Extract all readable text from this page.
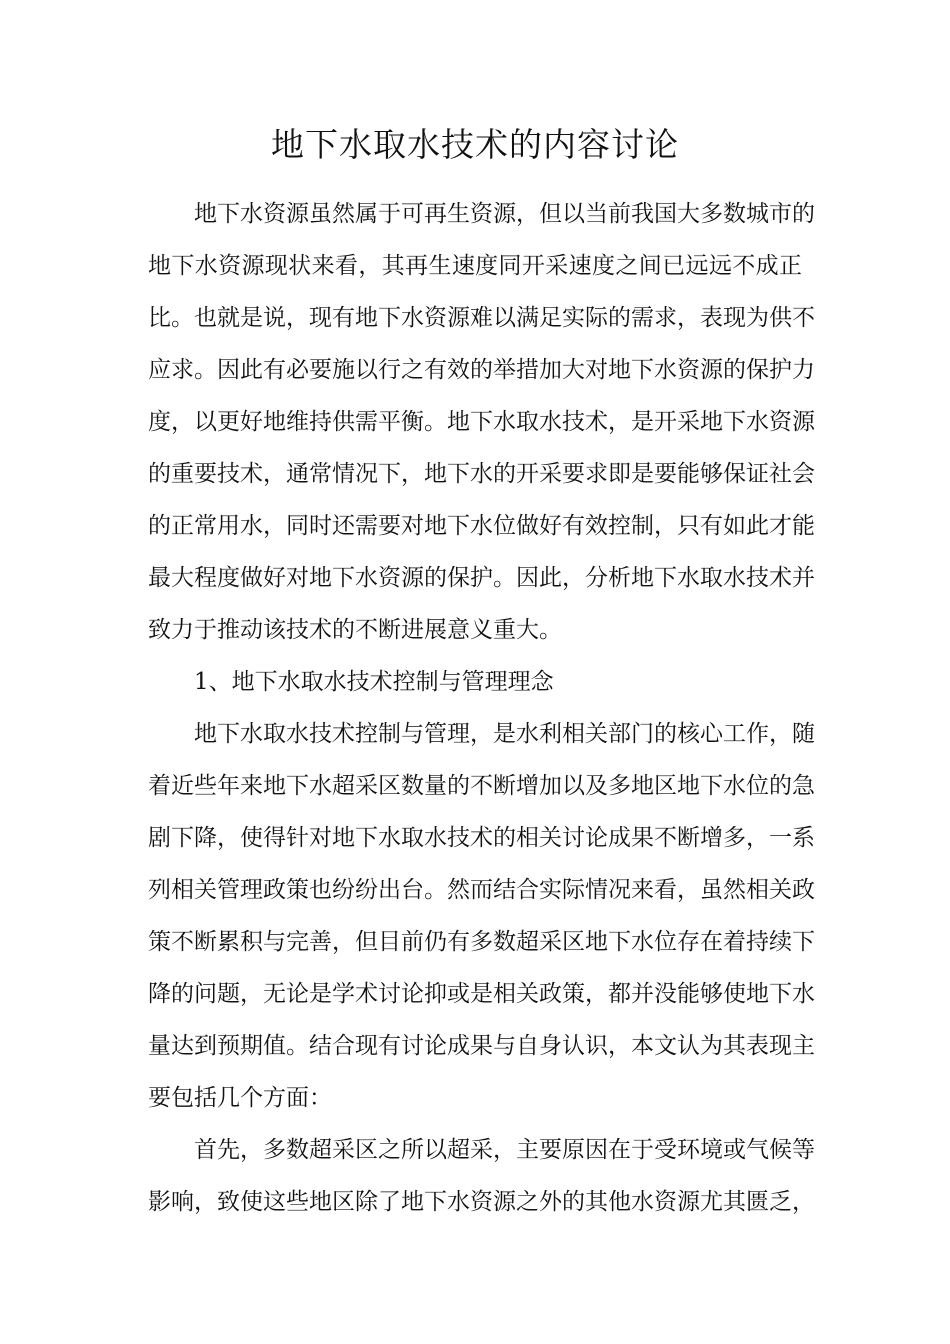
地下水取水技术的内容讨论
地下水资源虽然属于可再生资源，但以当前我国大多数城市的
地下水资源现状来看，其再生速度同开采速度之间已远远不成正
比。也就是说，现有地下水资源难以满足实际的需求，表现为供不
应求。因此有必要施以行之有效的举措加大对地下水资源的保护力
度，以更好地维持供需平衡。地下水取水技术，是开采地下水资源
的重要技术，通常情况下，地下水的开采要求即是要能够保证社会
的正常用水，同时还需要对地下水位做好有效控制，只有如此才能
最大程度做好对地下水资源的保护。因此，分析地下水取水技术并
致力于推动该技术的不断进展意义重大。
1、地下水取水技术控制与管理理念
地下水取水技术控制与管理，是水利相关部门的核心工作，随
着近些年来地下水超采区数量的不断增加以及多地区地下水位的急
剧下降，使得针对地下水取水技术的相关讨论成果不断增多，一系
列相关管理政策也纷纷出台。然而结合实际情况来看，虽然相关政
策不断累积与完善，但目前仍有多数超采区地下水位存在着持续下
降的问题，无论是学术讨论抑或是相关政策，都并没能够使地下水
量达到预期值。结合现有讨论成果与自身认识，本文认为其表现主
要包括几个方面：
首先，多数超采区之所以超采，主要原因在于受环境或气候等
影响，致使这些地区除了地下水资源之外的其他水资源尤其匮乏，
